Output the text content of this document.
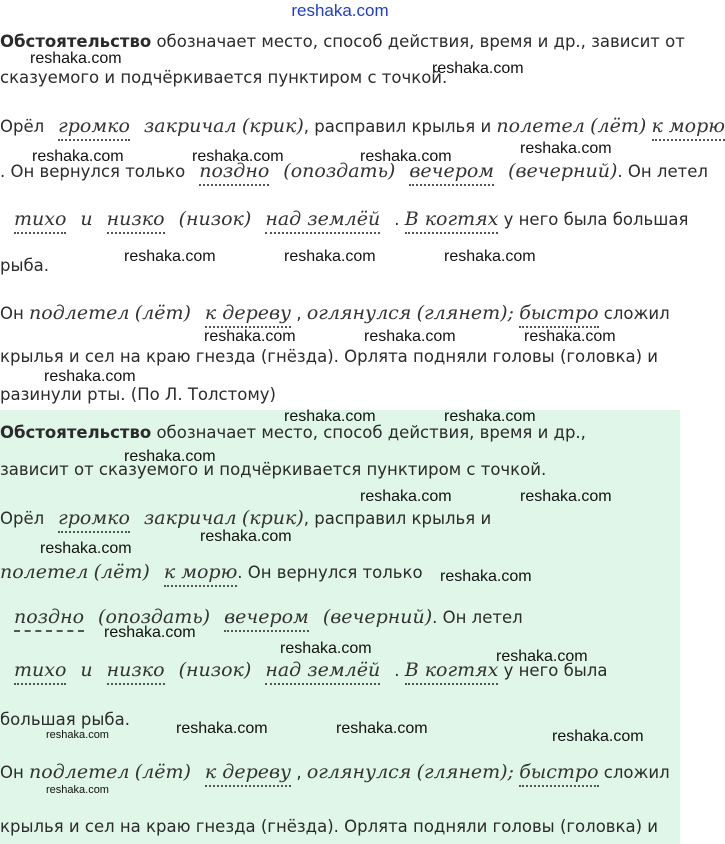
reshaka.com
Обстоятельство обозначает место, способ действия, время и др., зависит от
сказуемого и подчёркивается пунктиром с точкой.
Орёл громко закричал (крик), расправил крылья и полетел (лёт) к морю
. Он вернулся только поздно (опоздать) вечером (вечерний). Он летел
тихо и низко (низок) над землёй . В когтях у него была большая
рыба.
Он подлетел (лёт) к дереву , оглянулся (глянет); быстро сложил
крылья и сел на краю гнезда (гнёзда). Орлята подняли головы (головка) и
разинули рты. (По Л. Толстому)
Обстоятельство обозначает место, способ действия, время и др.,
зависит от сказуемого и подчёркивается пунктиром с точкой.
Орёл громко закричал (крик), расправил крылья и
полетел (лёт) к морю. Он вернулся только
поздно (опоздать) вечером (вечерний). Он летел
тихо и низко (низок) над землёй . В когтях у него была
большая рыба.
Он подлетел (лёт) к дереву , оглянулся (глянет); быстро сложил
крылья и сел на краю гнезда (гнёзда). Орлята подняли головы (головка) и
reshaka.com
reshaka.com
reshaka.com	reshaka.com	reshaka.com	reshaka.com
reshaka.com	reshaka.com	reshaka.com
reshaka.com	reshaka.com	reshaka.com
reshaka.com
reshaka.com	reshaka.com
reshaka.com
reshaka.com	reshaka.com
reshaka.com
reshaka.com
reshaka.com
reshaka.com
reshaka.com	reshaka.com
reshaka.com	reshaka.com	reshaka.com
reshaka.com
reshaka.com
